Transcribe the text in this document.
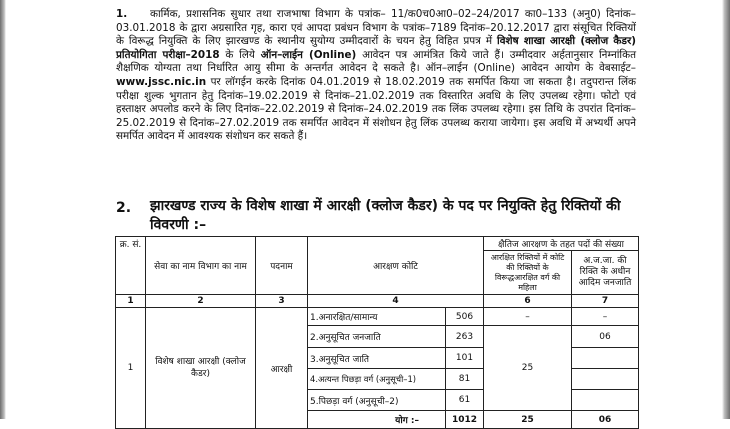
1. कार्मिक, प्रशासनिक सुधार तथा राजभाषा विभाग के पत्रांक– 11/क0च0आ0–02–24/2017 का0–133 (अनु0) दिनांक–03.01.2018 के द्वारा अग्रसारित गृह, कारा एवं आपदा प्रबंधन विभाग के पत्रांक–7189 दिनांक–20.12.2017 द्वारा संसूचित रिक्तियों के विरूद्ध नियुक्ति के लिए झारखण्ड के स्थानीय सुयोग्य उम्मीदवारों के चयन हेतु विहित प्रपत्र में विशेष शाखा आरक्षी (क्लोज कैडर) प्रतियोगिता परीक्षा–2018 के लिये ऑन–लाईन (Online) आवेदन पत्र आमंत्रित किये जाते हैं। उम्मीदवार अर्हतानुसार निम्नांकित शैक्षणिक योग्यता तथा निर्धारित आयु सीमा के अन्तर्गत आवेदन दे सकते है। ऑन–लाईन (Online) आवेदन आयोग के वेबसाईट– www.jssc.nic.in पर लॉगईन करके दिनांक 04.01.2019 से 18.02.2019 तक समर्पित किया जा सकता है। तदुपरान्त लिंक परीक्षा शुल्क भुगतान हेतु दिनांक–19.02.2019 से दिनांक–21.02.2019 तक विस्तारित अवधि के लिए उपलब्ध रहेगा। फोटो एवं हस्ताक्षर अपलोड करने के लिए दिनांक–22.02.2019 से दिनांक–24.02.2019 तक लिंक उपलब्ध रहेगा। इस तिथि के उपरांत दिनांक–25.02.2019 से दिनांक–27.02.2019 तक समर्पित आवेदन में संशोधन हेतु लिंक उपलब्ध कराया जायेगा। इस अवधि में अभ्यर्थी अपने समर्पित आवेदन में आवश्यक संशोधन कर सकते हैं।
2. झारखण्ड राज्य के विशेष शाखा में आरक्षी (क्लोज कैडर) के पद पर नियुक्ति हेतु रिक्तियों की विवरणी :–
क्र. सं.	सेवा का नाम विभाग का नाम	पदनाम	आरक्षण कोटि		क्षैतिज आरक्षण के तहत पदों की संख्या	
					आरक्षित रिक्तियों में कोटि की रिक्तियों के विरूद्धआरक्षित वर्ग की महिला	अ.ज.जा. की रिक्ति के अधीन आदिम जनजाति
1	2	3	4		6	7
1	विशेष शाखा आरक्षी (क्लोज कैडर)	आरक्षी	1.अनारक्षित/सामान्य	506	–	–
			2.अनुसूचित जनजाति	263	25	06
			3.अनुसूचित जाति	101		
			4.अत्यन्त पिछड़ा वर्ग (अनुसूची–1)	81		
			5.पिछड़ा वर्ग (अनुसूची–2)	61		
			योग :–	1012	25	06
